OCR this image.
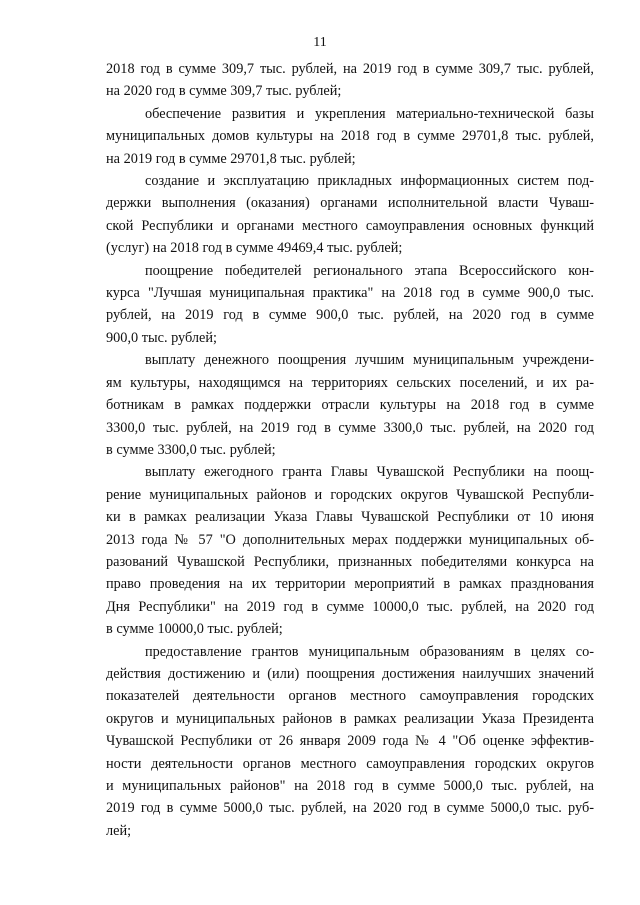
11

2018 год в сумме 309,7 тыс. рублей, на 2019 год в сумме 309,7 тыс. рублей,
на 2020 год в сумме 309,7 тыс. рублей;

обеспечение развития и укрепления материально-технической базы
муниципальных домов культуры на 2018 год в сумме 29701,8 тыс. рублей,
на 2019 год в сумме 29701,8 тыс. рублей;

создание и эксплуатацию прикладных информационных систем под-
держки выполнения (оказания) органами исполнительной власти Чуваш-
ской Республики и органами местного самоуправления основных функций
(услуг) на 2018 год в сумме 49469,4 тыс. рублей;

поощрение победителей регионального этапа Всероссийского кон-
курса "Лучшая муниципальная практика" на 2018 год в сумме 900,0 тыс.
рублей, на 2019 год в сумме 900,0 тыс. рублей, на 2020 год в сумме
900,0 тыс. рублей;

выплату денежного поощрения лучшим муниципальным учреждени-
ям культуры, находящимся на территориях сельских поселений, и их ра-
ботникам в рамках поддержки отрасли культуры на 2018 год в сумме
3300,0 тыс. рублей, на 2019 год в сумме 3300,0 тыс. рублей, на 2020 год
в сумме 3300,0 тыс. рублей;

выплату ежегодного гранта Главы Чувашской Республики на поощ-
рение муниципальных районов и городских округов Чувашской Республи-
ки в рамках реализации Указа Главы Чувашской Республики от 10 июня
2013 года № 57 "О дополнительных мерах поддержки муниципальных об-
разований Чувашской Республики, признанных победителями конкурса на
право проведения на их территории мероприятий в рамках празднования
Дня Республики" на 2019 год в сумме 10000,0 тыс. рублей, на 2020 год
в сумме 10000,0 тыс. рублей;

предоставление грантов муниципальным образованиям в целях со-
действия достижению и (или) поощрения достижения наилучших значений
показателей деятельности органов местного самоуправления городских
округов и муниципальных районов в рамках реализации Указа Президента
Чувашской Республики от 26 января 2009 года № 4 "Об оценке эффектив-
ности деятельности органов местного самоуправления городских округов
и муниципальных районов" на 2018 год в сумме 5000,0 тыс. рублей, на
2019 год в сумме 5000,0 тыс. рублей, на 2020 год в сумме 5000,0 тыс. руб-
лей;
